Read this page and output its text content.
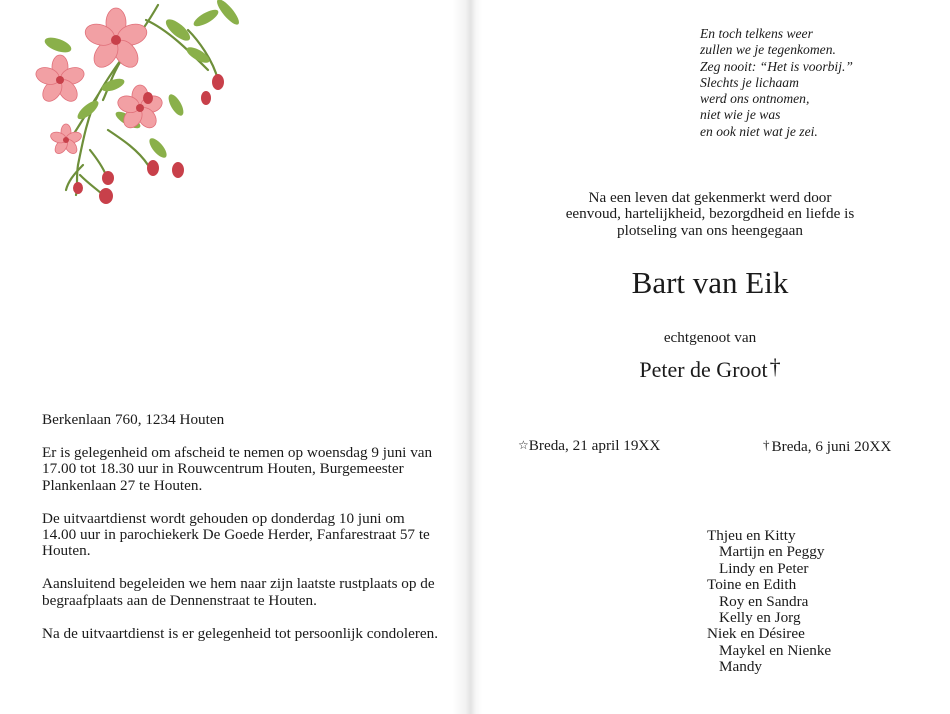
Berkenlaan 760, 1234 Houten

Er is gelegenheid om afscheid te nemen op woensdag 9 juni van 17.00 tot 18.30 uur in Rouwcentrum Houten, Burgemeester Plankenlaan 27 te Houten.

De uitvaartdienst wordt gehouden op donderdag 10 juni om 14.00 uur in parochiekerk De Goede Herder, Fanfarestraat 57 te Houten.

Aansluitend begeleiden we hem naar zijn laatste rustplaats op de begraafplaats aan de Dennenstraat te Houten.

Na de uitvaartdienst is er gelegenheid tot persoonlijk condoleren.

En toch telkens weer
zullen we je tegenkomen.
Zeg nooit: “Het is voorbij.”
Slechts je lichaam
werd ons ontnomen,
niet wie je was
en ook niet wat je zei.
Na een leven dat gekenmerkt werd door
eenvoud, hartelijkheid, bezorgdheid en liefde is
plotseling van ons heengegaan
Bart van Eik
echtgenoot van
Peter de Groot†
☆Breda, 21 april 19XX	† Breda, 6 juni 20XX
Thjeu en Kitty
Martijn en Peggy
Lindy en Peter
Toine en Edith
Roy en Sandra
Kelly en Jorg
Niek en Désiree
Maykel en Nienke
Mandy
